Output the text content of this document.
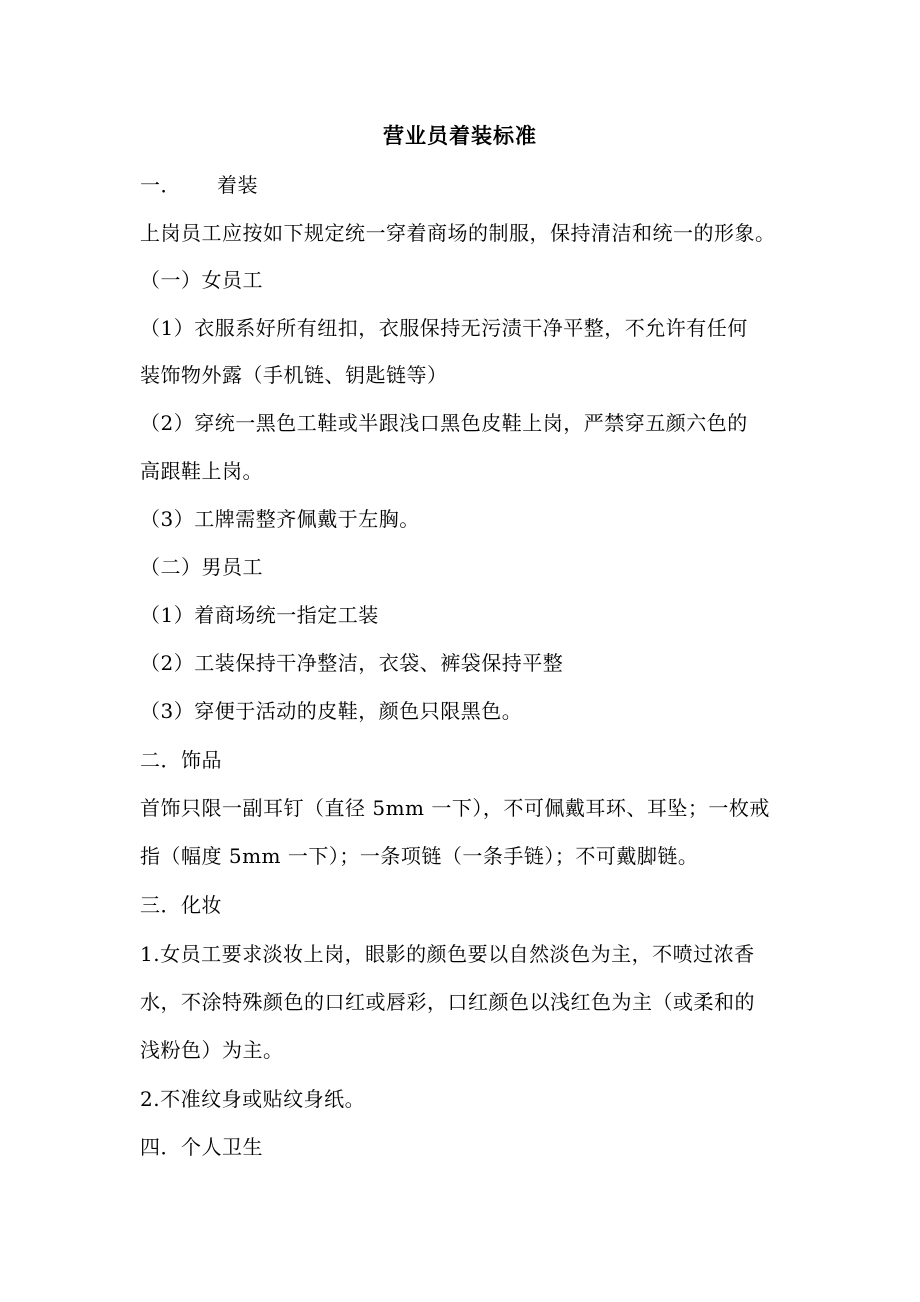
营业员着装标准
一． 着装
上岗员工应按如下规定统一穿着商场的制服，保持清洁和统一的形象。
（一）女员工
（1）衣服系好所有纽扣，衣服保持无污渍干净平整，不允许有任何
装饰物外露（手机链、钥匙链等）
（2）穿统一黑色工鞋或半跟浅口黑色皮鞋上岗，严禁穿五颜六色的
高跟鞋上岗。
（3）工牌需整齐佩戴于左胸。
（二）男员工
（1）着商场统一指定工装
（2）工装保持干净整洁，衣袋、裤袋保持平整
（3）穿便于活动的皮鞋，颜色只限黑色。
二．饰品
首饰只限一副耳钉（直径 5mm 一下），不可佩戴耳环、耳坠；一枚戒
指（幅度 5mm 一下）；一条项链（一条手链）；不可戴脚链。
三．化妆
1.女员工要求淡妆上岗，眼影的颜色要以自然淡色为主，不喷过浓香
水，不涂特殊颜色的口红或唇彩，口红颜色以浅红色为主（或柔和的
浅粉色）为主。
2.不准纹身或贴纹身纸。
四．个人卫生
